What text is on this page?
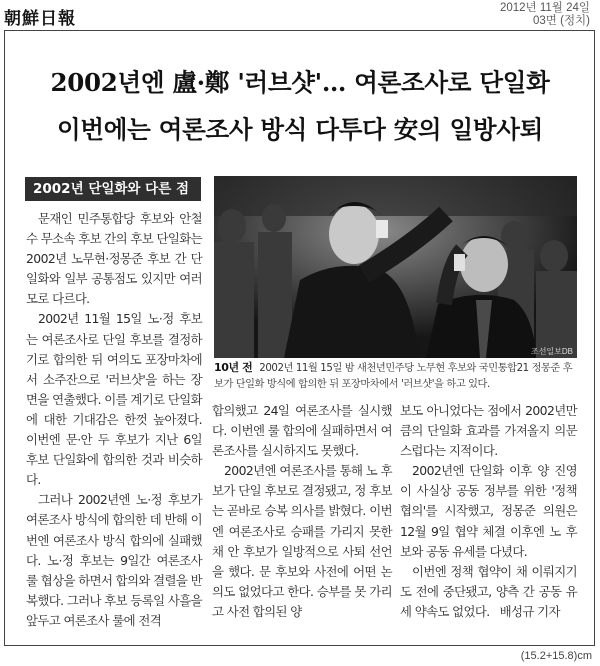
朝鮮日報
2012년 11월 24일
03면 (정치)
2002년엔 盧·鄭 '러브샷'… 여론조사로 단일화
이번에는 여론조사 방식 다투다 安의 일방사퇴
2002년 단일화와 다른 점

문재인 민주통합당 후보와 안철수 무소속 후보 간의 후보 단일화는 2002년 노무현·정몽준 후보 간 단일화와 일부 공통점도 있지만 여러모로 다르다.

2002년 11월 15일 노·정 후보는 여론조사로 단일 후보를 결정하기로 합의한 뒤 여의도 포장마차에서 소주잔으로 '러브샷'을 하는 장면을 연출했다. 이를 계기로 단일화에 대한 기대감은 한껏 높아졌다. 이번엔 문·안 두 후보가 지난 6일 후보 단일화에 합의한 것과 비슷하다.

그러나 2002년엔 노·정 후보가 여론조사 방식에 합의한 데 반해 이번엔 여론조사 방식 합의에 실패했다. 노·정 후보는 9일간 여론조사 룰 협상을 하면서 합의와 결렬을 반복했다. 그러나 후보 등록일 사흘을 앞두고 여론조사 룰에 전격

조선일보DB
10년 전 2002년 11월 15일 밤 새천년민주당 노무현 후보와 국민통합21 정몽준 후보가 단일화 방식에 합의한 뒤 포장마차에서 '러브샷'을 하고 있다.

합의했고 24일 여론조사를 실시했다. 이번엔 룰 합의에 실패하면서 여론조사를 실시하지도 못했다.

2002년엔 여론조사를 통해 노 후보가 단일 후보로 결정됐고, 정 후보는 곧바로 승복 의사를 밝혔다. 이번엔 여론조사로 승패를 가리지 못한 채 안 후보가 일방적으로 사퇴 선언을 했다. 문 후보와 사전에 어떤 논의도 없었다고 한다. 승부를 못 가리고 사전 합의된 양

보도 아니었다는 점에서 2002년만큼의 단일화 효과를 가져올지 의문스럽다는 지적이다.

2002년엔 단일화 이후 양 진영이 사실상 공동 정부를 위한 '정책협의'를 시작했고, 정몽준 의원은 12월 9일 협약 체결 이후엔 노 후보와 공동 유세를 다녔다.

이번엔 정책 협약이 채 이뤄지기도 전에 중단됐고, 양측 간 공동 유세 약속도 없었다. 배성규 기자

(15.2+15.8)cm
